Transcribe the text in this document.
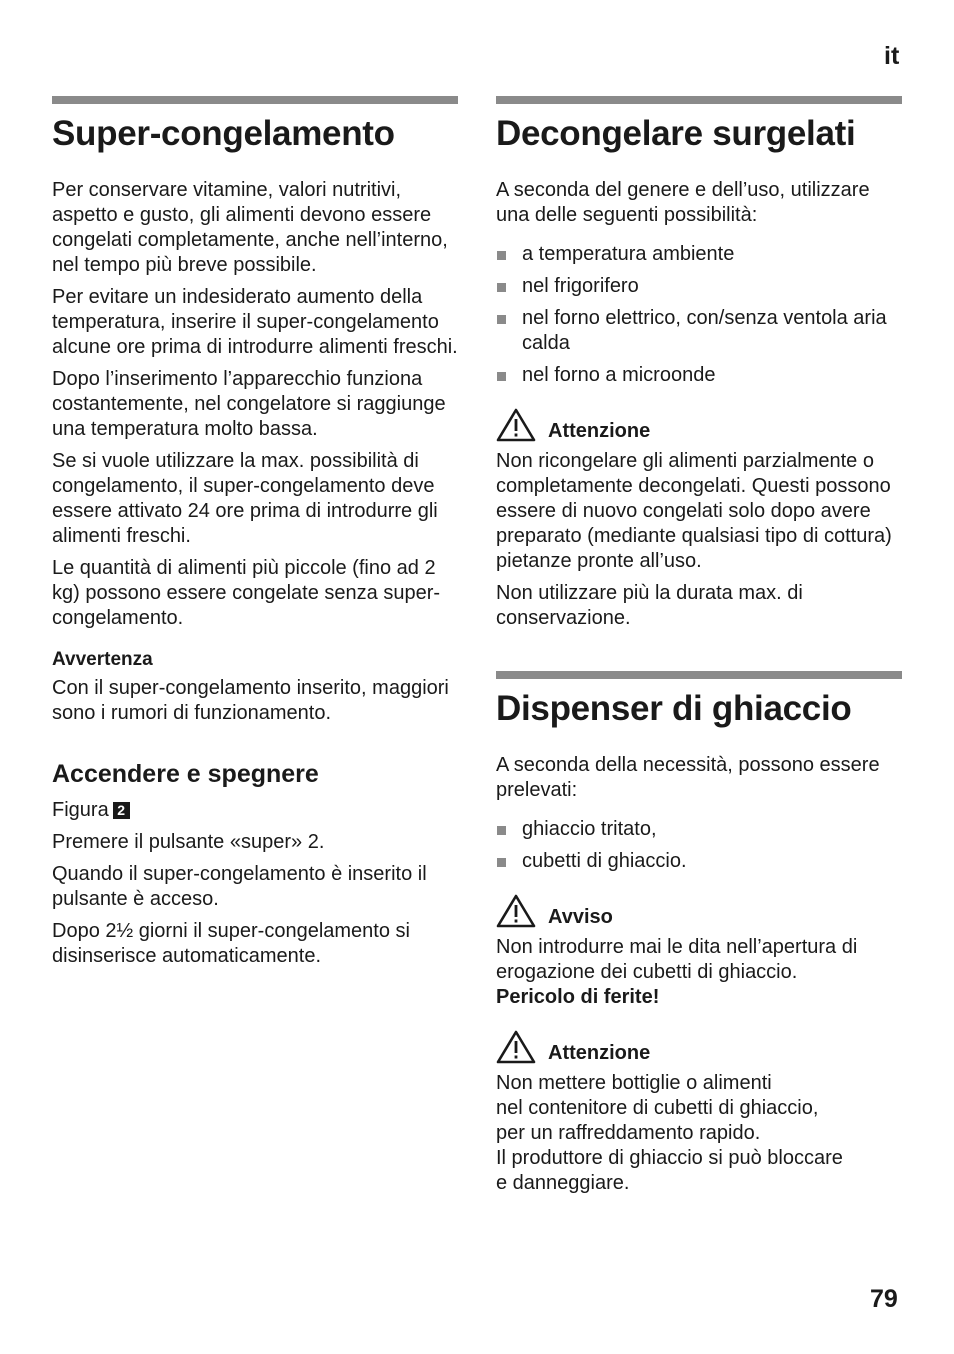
it
Super-congelamento

Per conservare vitamine, valori nutritivi, aspetto e gusto, gli alimenti devono essere congelati completamente, anche nell’interno, nel tempo più breve possibile.

Per evitare un indesiderato aumento della temperatura, inserire il super-congelamento alcune ore prima di introdurre alimenti freschi.

Dopo l’inserimento l’apparecchio funziona costantemente, nel congelatore si raggiunge una temperatura molto bassa.

Se si vuole utilizzare la max. possibilità di congelamento, il super-congelamento deve essere attivato 24 ore prima di introdurre gli alimenti freschi.

Le quantità di alimenti più piccole (fino ad 2 kg) possono essere congelate senza super-congelamento.

Avvertenza

Con il super-congelamento inserito, maggiori sono i rumori di funzionamento.

Accendere e spegnere

Figura 2

Premere il pulsante «super» 2.

Quando il super-congelamento è inserito il pulsante è acceso.

Dopo 2½ giorni il super-congelamento si disinserisce automaticamente.

Decongelare surgelati

A seconda del genere e dell’uso, utilizzare una delle seguenti possibilità:

a temperatura ambiente
nel frigorifero
nel forno elettrico, con/senza ventola aria calda
nel forno a microonde
Attenzione

Non ricongelare gli alimenti parzialmente o completamente decongelati. Questi possono essere di nuovo congelati solo dopo avere preparato (mediante qualsiasi tipo di cottura) pietanze pronte all’uso.

Non utilizzare più la durata max. di conservazione.

Dispenser di ghiaccio

A seconda della necessità, possono essere prelevati:

ghiaccio tritato,
cubetti di ghiaccio.
Avviso

Non introdurre mai le dita nell’apertura di erogazione dei cubetti di ghiaccio.
Pericolo di ferite!

Attenzione

Non mettere bottiglie o alimenti
nel contenitore di cubetti di ghiaccio,
per un raffreddamento rapido.
Il produttore di ghiaccio si può bloccare
e danneggiare.

79
